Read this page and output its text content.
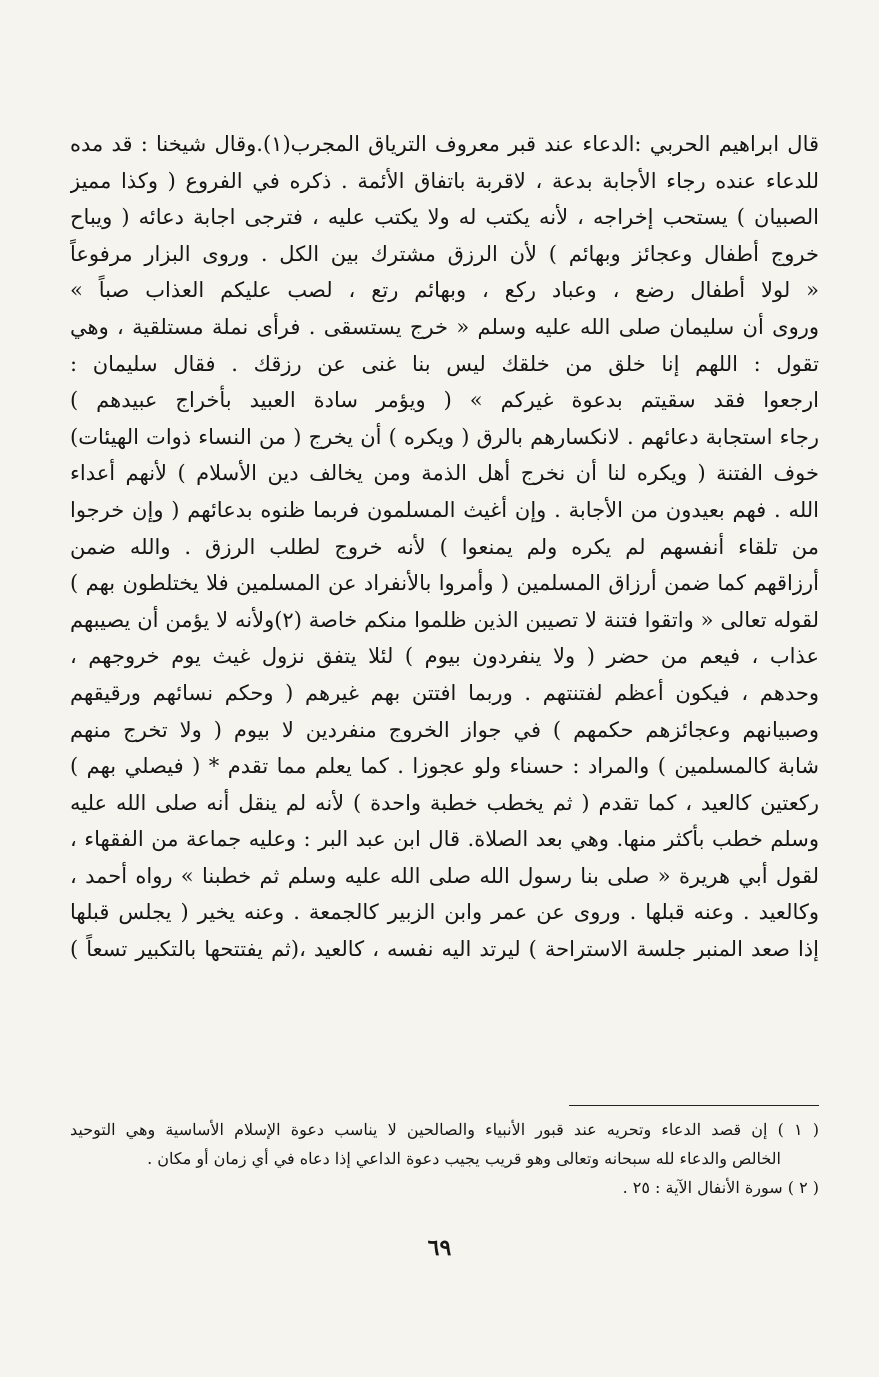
قال ابراهيم الحربي :الدعاء عند قبر معروف الترياق المجرب(١).وقال شيخنا : قد مده
للدعاء عنده رجاء الأجابة بدعة ، لاقربة باتفاق الأئمة . ذكره في الفروع ( وكذا مميز
الصبيان ) يستحب إخراجه ، لأنه يكتب له ولا يكتب عليه ، فترجى اجابة دعائه ( ويباح
خروج أطفال وعجائز وبهائم ) لأن الرزق مشترك بين الكل . وروى البزار مرفوعاً
« لولا أطفال رضع ، وعباد ركع ، وبهائم رتع ، لصب عليكم العذاب صباً »
وروى أن سليمان صلى الله عليه وسلم « خرج يستسقى . فرأى نملة مستلقية ، وهي
تقول : اللهم إنا خلق من خلقك ليس بنا غنى عن رزقك . فقال سليمان :
ارجعوا فقد سقيتم بدعوة غيركم » ( ويؤمر سادة العبيد بأخراج عبيدهم )
رجاء استجابة دعائهم . لانكسارهم بالرق ( ويكره ) أن يخرج ( من النساء ذوات الهيئات)
خوف الفتنة ( ويكره لنا أن نخرج أهل الذمة ومن يخالف دين الأسلام ) لأنهم أعداء
الله . فهم بعيدون من الأجابة . وإن أغيث المسلمون فربما ظنوه بدعائهم ( وإن خرجوا
من تلقاء أنفسهم لم يكره ولم يمنعوا ) لأنه خروج لطلب الرزق . والله ضمن
أرزاقهم كما ضمن أرزاق المسلمين ( وأمروا بالأنفراد عن المسلمين فلا يختلطون بهم )
لقوله تعالى « واتقوا فتنة لا تصيبن الذين ظلموا منكم خاصة (٢)ولأنه لا يؤمن أن يصيبهم
عذاب ، فيعم من حضر ( ولا ينفردون بيوم ) لئلا يتفق نزول غيث يوم خروجهم ،
وحدهم ، فيكون أعظم لفتنتهم . وربما افتتن بهم غيرهم ( وحكم نسائهم ورقيقهم
وصبيانهم وعجائزهم حكمهم ) في جواز الخروج منفردين لا بيوم ( ولا تخرج منهم
شابة كالمسلمين ) والمراد : حسناء ولو عجوزا . كما يعلم مما تقدم * ( فيصلي بهم )
ركعتين كالعيد ، كما تقدم ( ثم يخطب خطبة واحدة ) لأنه لم ينقل أنه صلى الله عليه
وسلم خطب بأكثر منها. وهي بعد الصلاة. قال ابن عبد البر : وعليه جماعة من الفقهاء ،
لقول أبي هريرة « صلى بنا رسول الله صلى الله عليه وسلم ثم خطبنا » رواه أحمد ،
وكالعيد . وعنه قبلها . وروى عن عمر وابن الزبير كالجمعة . وعنه يخير ( يجلس قبلها
إذا صعد المنبر جلسة الاستراحة ) ليرتد اليه نفسه ، كالعيد ،(ثم يفتتحها بالتكبير تسعاً )
( ١ ) إن قصد الدعاء وتحريه عند قبور الأنبياء والصالحين لا يناسب دعوة الإسلام الأساسية وهي التوحيد
الخالص والدعاء لله سبحانه وتعالى وهو قريب يجيب دعوة الداعي إذا دعاه في أي زمان أو مكان .
( ٢ ) سورة الأنفال الآية : ٢٥ .
٦٩
